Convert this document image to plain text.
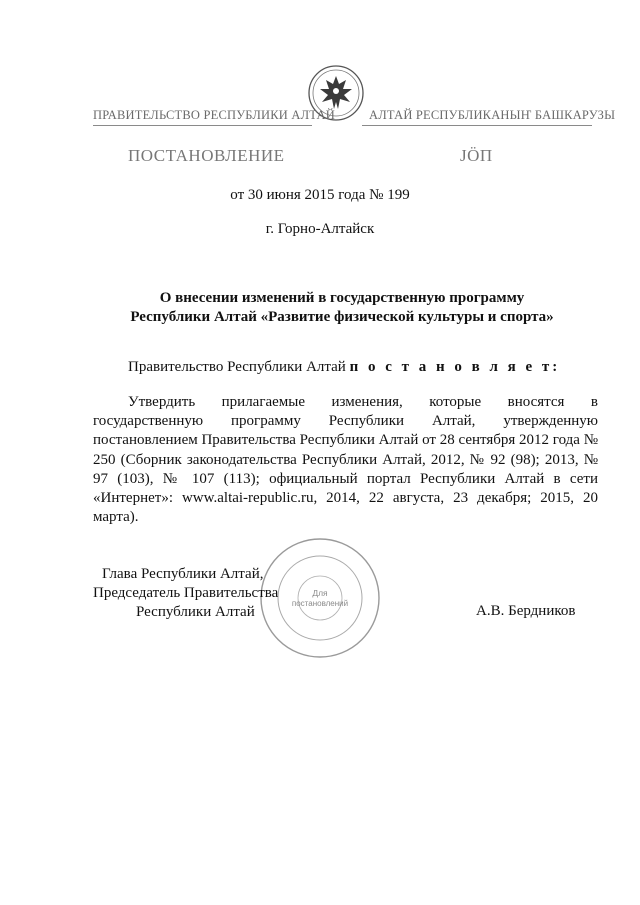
ПРАВИТЕЛЬСТВО РЕСПУБЛИКИ АЛТАЙ	АЛТАЙ РЕСПУБЛИКАНЫҤ БАШКАРУЗЫ
ПОСТАНОВЛЕНИЕ	ЈӦП
от 30 июня 2015 года № 199
г. Горно-Алтайск
О внесении изменений в государственную программу
Республики Алтай «Развитие физической культуры и спорта»
Правительство Республики Алтай п о с т а н о в л я е т:
Утвердить прилагаемые изменения, которые вносятся в государственную программу Республики Алтай, утвержденную постановлением Правительства Республики Алтай от 28 сентября 2012 года № 250 (Сборник законодательства Республики Алтай, 2012, № 92 (98); 2013, № 97 (103), № 107 (113); официальный портал Республики Алтай в сети «Интернет»: www.altai-republic.ru, 2014, 22 августа, 23 декабря; 2015, 20 марта).
Для
постановлений
Глава Республики Алтай,
Председатель Правительства
Республики Алтай	А.В. Бердников
